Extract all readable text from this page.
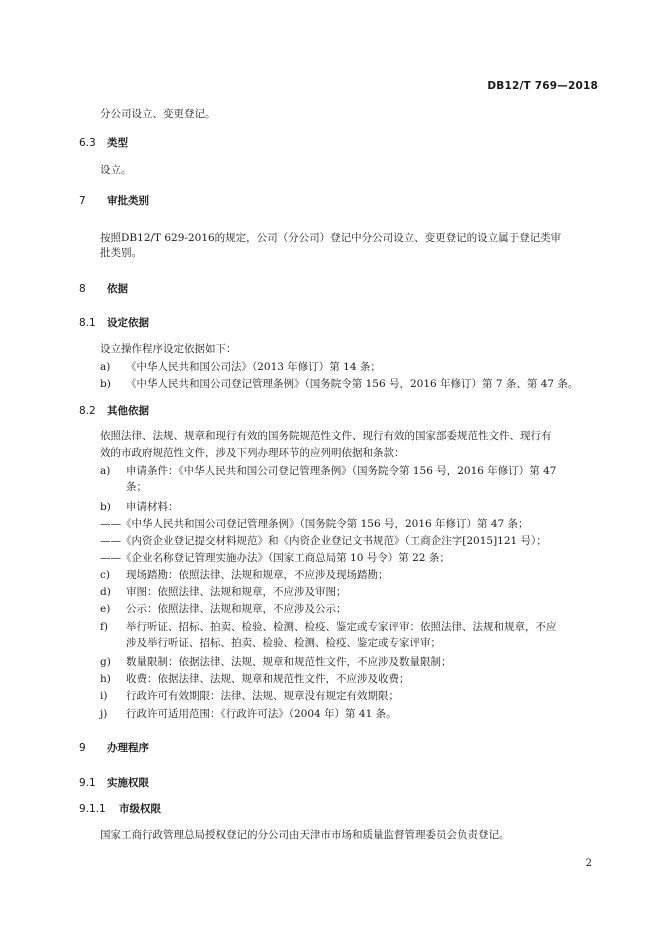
DB12/T 769—2018
分公司设立、变更登记。
6.3 类型
设立。
7 审批类别
按照DB12/T 629-2016的规定，公司（分公司）登记中分公司设立、变更登记的设立属于登记类审
批类别。
8 依据
8.1 设定依据
设立操作程序设定依据如下：
a) 《中华人民共和国公司法》（2013 年修订）第 14 条；
b) 《中华人民共和国公司登记管理条例》（国务院令第 156 号，2016 年修订）第 7 条、第 47 条。
8.2 其他依据
依照法律、法规、规章和现行有效的国务院规范性文件、现行有效的国家部委规范性文件、现行有
效的市政府规范性文件，涉及下列办理环节的应列明依据和条款：
a) 申请条件：《中华人民共和国公司登记管理条例》（国务院令第 156 号，2016 年修订）第 47
条；
b) 申请材料：
——《中华人民共和国公司登记管理条例》（国务院令第 156 号，2016 年修订）第 47 条；
——《内资企业登记提交材料规范》和《内资企业登记文书规范》（工商企注字[2015]121 号）；
——《企业名称登记管理实施办法》（国家工商总局第 10 号令）第 22 条；
c) 现场踏勘：依照法律、法规和规章，不应涉及现场踏勘；
d) 审图：依照法律、法规和规章，不应涉及审图；
e) 公示：依照法律、法规和规章，不应涉及公示；
f) 举行听证、招标、拍卖、检验、检测、检疫、鉴定或专家评审：依照法律、法规和规章，不应
涉及举行听证、招标、拍卖、检验、检测、检疫、鉴定或专家评审；
g) 数量限制：依据法律、法规、规章和规范性文件，不应涉及数量限制；
h) 收费：依据法律、法规、规章和规范性文件，不应涉及收费；
i) 行政许可有效期限：法律、法规、规章没有规定有效期限；
j) 行政许可适用范围：《行政许可法》（2004 年）第 41 条。
9 办理程序
9.1 实施权限
9.1.1 市级权限
国家工商行政管理总局授权登记的分公司由天津市市场和质量监督管理委员会负责登记。
2
